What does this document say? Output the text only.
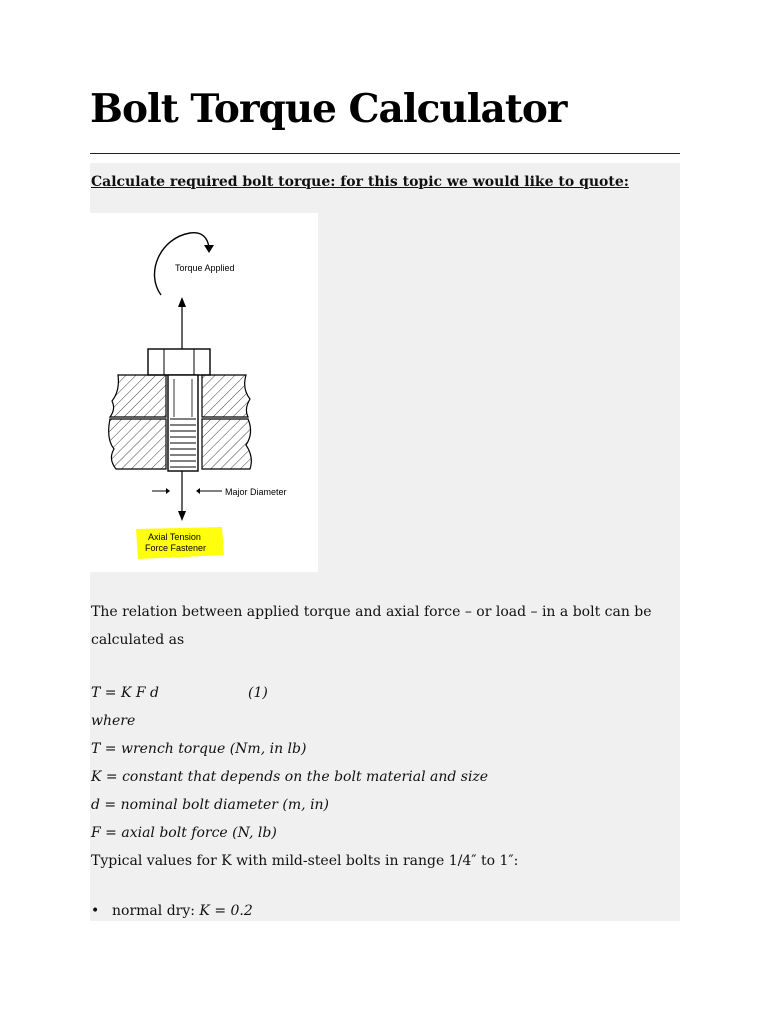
Bolt Torque Calculator
Calculate required bolt torque: for this topic we would like to quote:
Torque Applied
Major Diameter
Axial Tension
Force Fastener
The relation between applied torque and axial force – or load – in a bolt can be
calculated as
T = K F d                    (1)
where
T = wrench torque (Nm, in lb)
K = constant that depends on the bolt material and size
d = nominal bolt diameter (m, in)
F = axial bolt force (N, lb)
Typical values for K with mild-steel bolts in range 1/4″ to 1″:
• normal dry: K = 0.2
